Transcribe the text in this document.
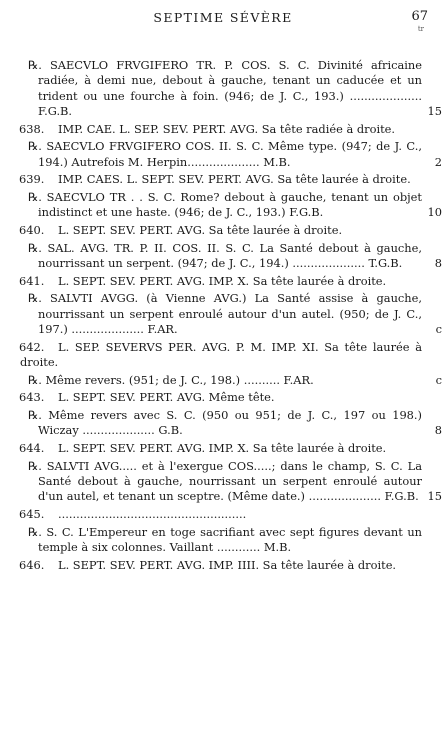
SEPTIME SÉVÈRE	67
tr
℞. SAECVLO FRVGIFERO TR. P. COS. S. C. Divinité africaine radiée, à demi nue, debout à gauche, tenant un caducée et un trident ou une fourche à foin. (946; de J. C., 193.) .................... F.G.B.	15
638.	IMP. CAE. L. SEP. SEV. PERT. AVG. Sa tête radiée à droite.
℞. SAECVLO FRVGIFERO COS. II. S. C. Même type. (947; de J. C., 194.) Autrefois M. Herpin.................... M.B.	2
639.	IMP. CAES. L. SEPT. SEV. PERT. AVG. Sa tête laurée à droite.
℞. SAECVLO TR . . S. C. Rome? debout à gauche, tenant un objet indistinct et une haste. (946; de J. C., 193.) F.G.B.	10
640.	L. SEPT. SEV. PERT. AVG. Sa tête laurée à droite.
℞. SAL. AVG. TR. P. II. COS. II. S. C. La Santé debout à gauche, nourrissant un serpent. (947; de J. C., 194.) .................... T.G.B.	8
641.	L. SEPT. SEV. PERT. AVG. IMP. X. Sa tête laurée à droite.
℞. SALVTI AVGG. (à Vienne AVG.) La Santé assise à gauche, nourrissant un serpent enroulé autour d'un autel. (950; de J. C., 197.) .................... F.AR.	c
642.	L. SEP. SEVERVS PER. AVG. P. M. IMP. XI. Sa tête laurée à droite.
℞. Même revers. (951; de J. C., 198.) .......... F.AR.	c
643.	L. SEPT. SEV. PERT. AVG. Même tête.
℞. Même revers avec S. C. (950 ou 951; de J. C., 197 ou 198.) Wiczay .................... G.B.	8
644.	L. SEPT. SEV. PERT. AVG. IMP. X. Sa tête laurée à droite.
℞. SALVTI AVG..... et à l'exergue COS.....; dans le champ, S. C. La Santé debout à gauche, nourrissant un serpent enroulé autour d'un autel, et tenant un sceptre. (Même date.) .................... F.G.B. 15
645.	....................................................
℞. S. C. L'Empereur en toge sacrifiant avec sept figures devant un temple à six colonnes. Vaillant ............ M.B.
646.	L. SEPT. SEV. PERT. AVG. IMP. IIII. Sa tête laurée à droite.
